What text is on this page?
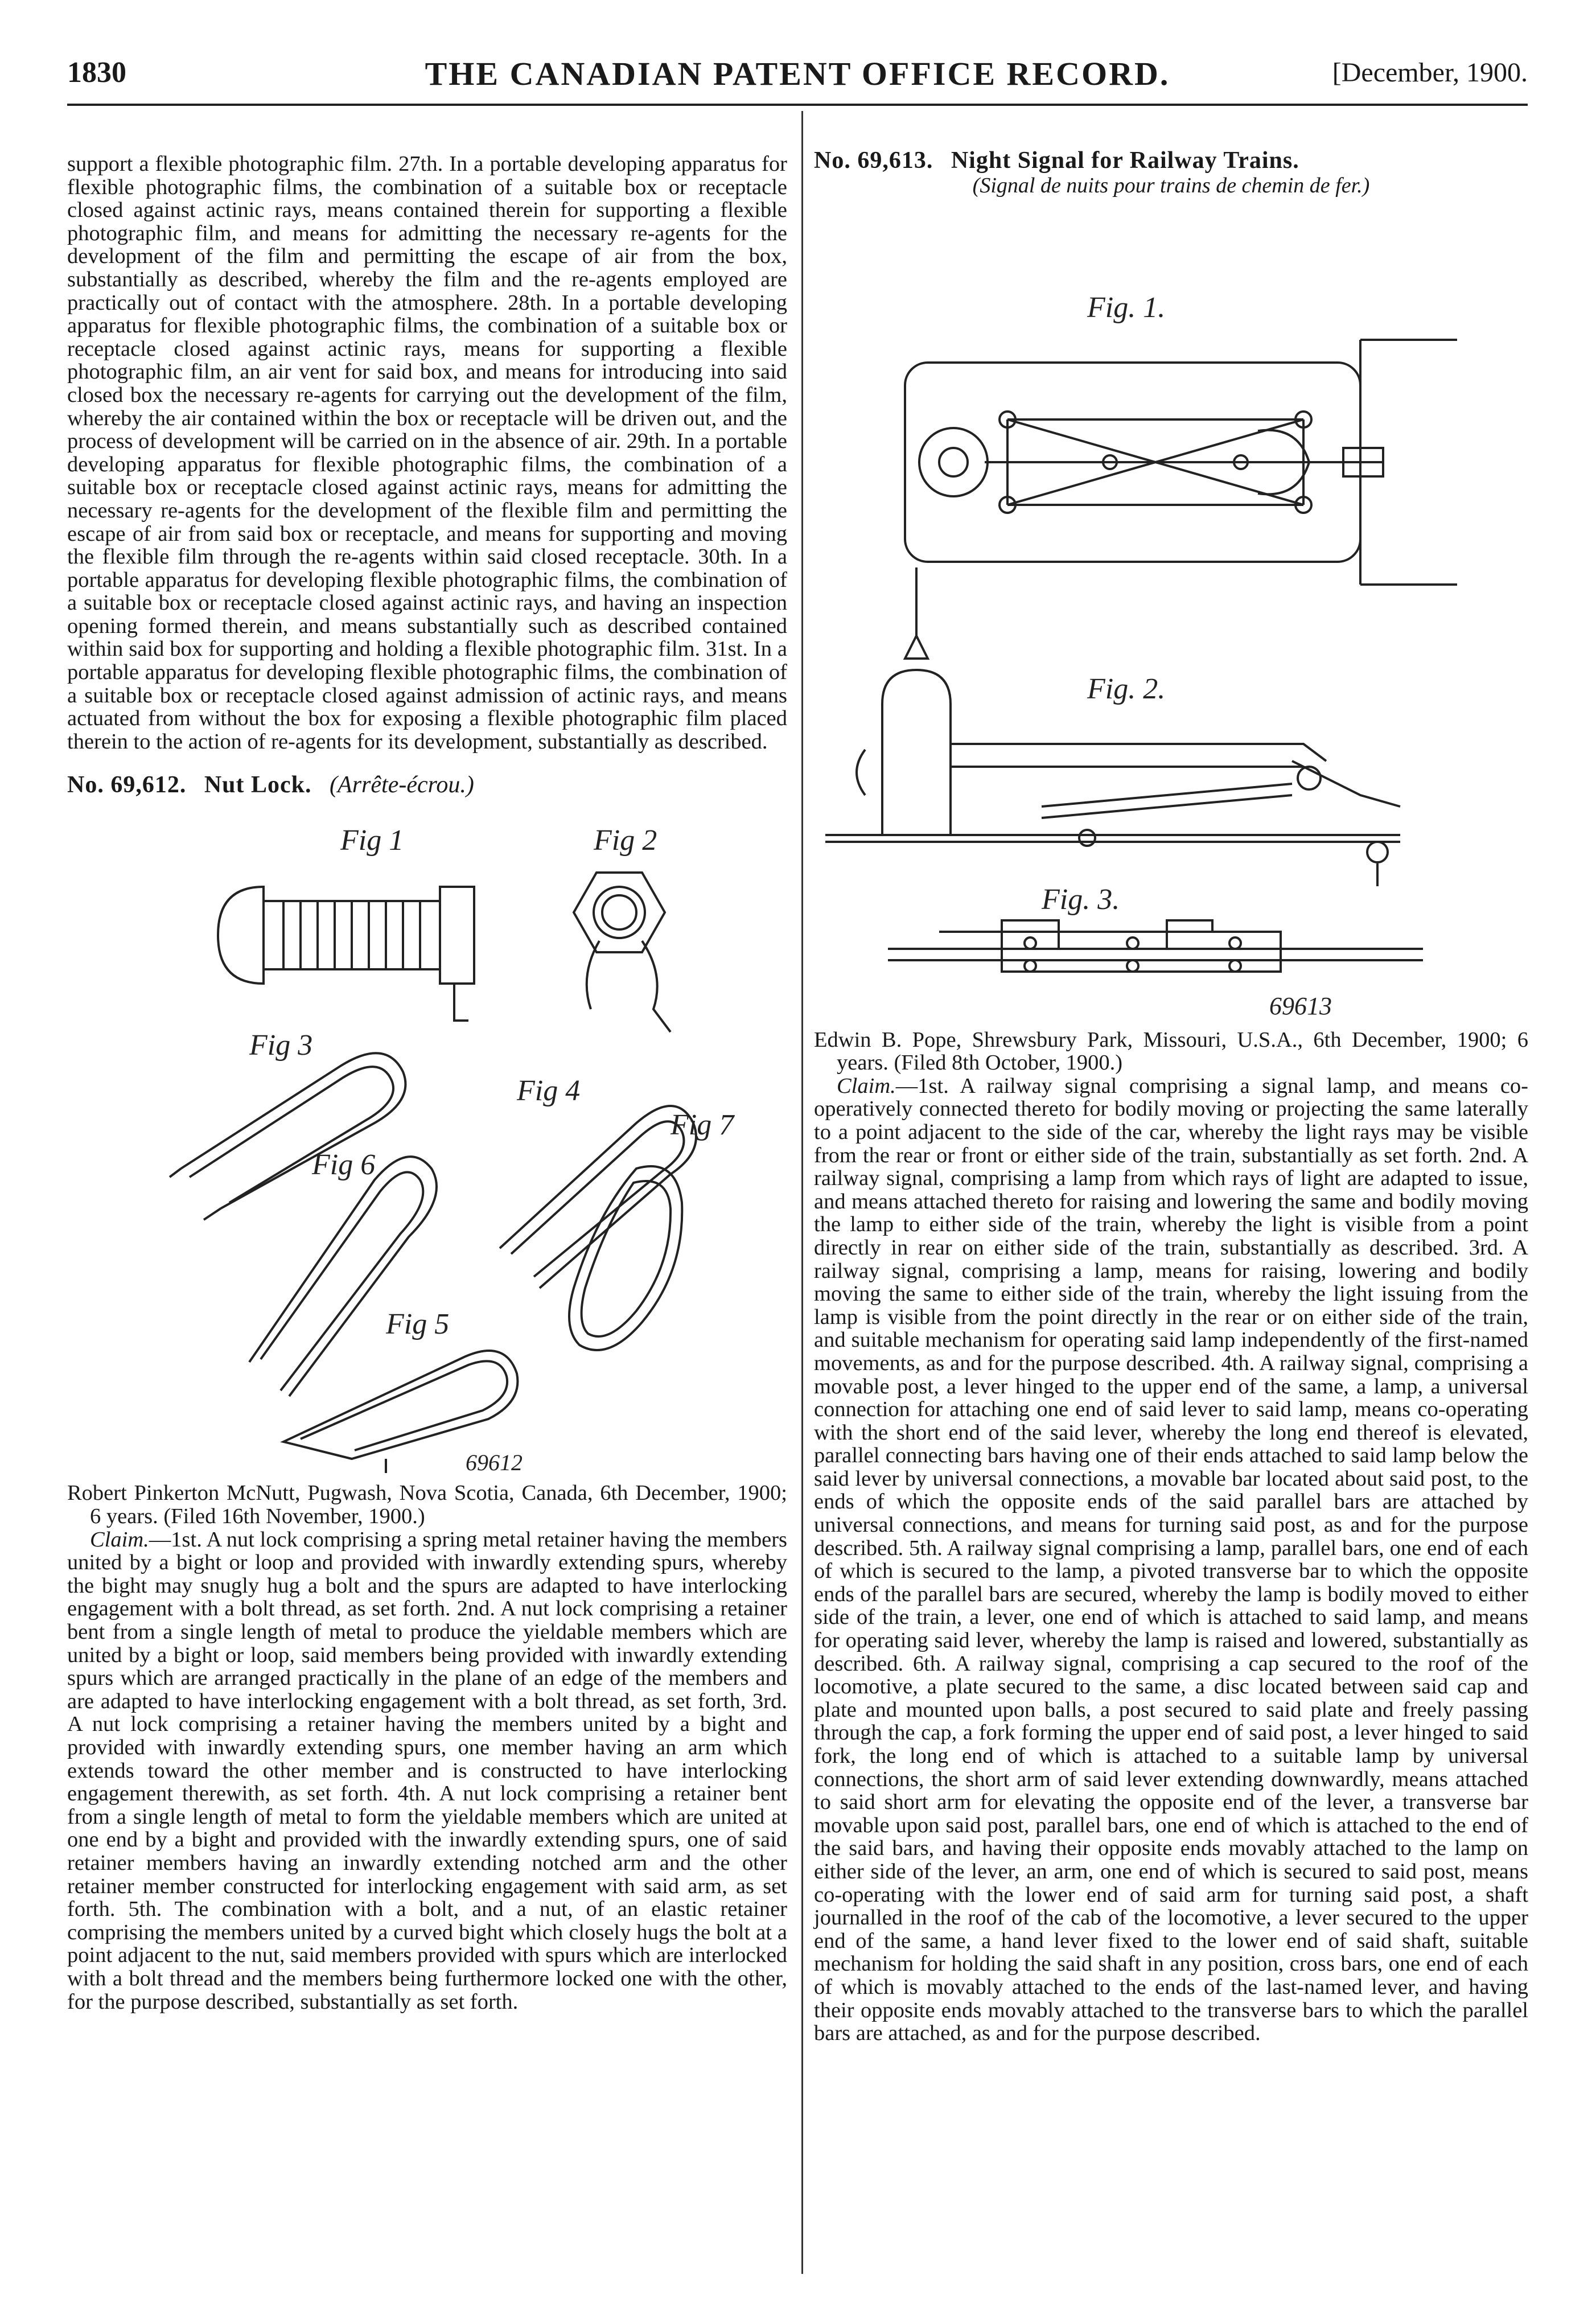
1830	THE CANADIAN PATENT OFFICE RECORD.	[December, 1900.

support a flexible photographic film. 27th. In a portable developing apparatus for flexible photographic films, the combination of a suitable box or receptacle closed against actinic rays, means contained therein for supporting a flexible photographic film, and means for admitting the necessary re-agents for the development of the film and permitting the escape of air from the box, substantially as described, whereby the film and the re-agents employed are practically out of contact with the atmosphere. 28th. In a portable developing apparatus for flexible photographic films, the combination of a suitable box or receptacle closed against actinic rays, means for supporting a flexible photographic film, an air vent for said box, and means for introducing into said closed box the necessary re-agents for carrying out the development of the film, whereby the air contained within the box or receptacle will be driven out, and the process of development will be carried on in the absence of air. 29th. In a portable developing apparatus for flexible photographic films, the combination of a suitable box or receptacle closed against actinic rays, means for admitting the necessary re-agents for the development of the flexible film and permitting the escape of air from said box or receptacle, and means for supporting and moving the flexible film through the re-agents within said closed receptacle. 30th. In a portable apparatus for developing flexible photographic films, the combination of a suitable box or receptacle closed against actinic rays, and having an inspection opening formed therein, and means substantially such as described contained within said box for supporting and holding a flexible photographic film. 31st. In a portable apparatus for developing flexible photographic films, the combination of a suitable box or receptacle closed against admission of actinic rays, and means actuated from without the box for exposing a flexible photographic film placed therein to the action of re-agents for its development, substantially as described.

No. 69,612. Nut Lock. (Arrête-écrou.)

Fig 1	Fig 2
Fig 3
Fig 4
Fig 6
Fig 7
Fig 5
69612

Robert Pinkerton McNutt, Pugwash, Nova Scotia, Canada, 6th December, 1900; 6 years. (Filed 16th November, 1900.)

Claim.—1st. A nut lock comprising a spring metal retainer having the members united by a bight or loop and provided with inwardly extending spurs, whereby the bight may snugly hug a bolt and the spurs are adapted to have interlocking engagement with a bolt thread, as set forth. 2nd. A nut lock comprising a retainer bent from a single length of metal to produce the yieldable members which are united by a bight or loop, said members being provided with inwardly extending spurs which are arranged practically in the plane of an edge of the members and are adapted to have interlocking engagement with a bolt thread, as set forth, 3rd. A nut lock comprising a retainer having the members united by a bight and provided with inwardly extending spurs, one member having an arm which extends toward the other member and is constructed to have interlocking engagement therewith, as set forth. 4th. A nut lock comprising a retainer bent from a single length of metal to form the yieldable members which are united at one end by a bight and provided with the inwardly extending spurs, one of said retainer members having an inwardly extending notched arm and the other retainer member constructed for interlocking engagement with said arm, as set forth. 5th. The combination with a bolt, and a nut, of an elastic retainer comprising the members united by a curved bight which closely hugs the bolt at a point adjacent to the nut, said members provided with spurs which are interlocked with a bolt thread and the members being furthermore locked one with the other, for the purpose described, substantially as set forth.

No. 69,613. Night Signal for Railway Trains.

(Signal de nuits pour trains de chemin de fer.)

Fig. 1.
Fig. 2.
Fig. 3.
69613

Edwin B. Pope, Shrewsbury Park, Missouri, U.S.A., 6th December, 1900; 6 years. (Filed 8th October, 1900.)

Claim.—1st. A railway signal comprising a signal lamp, and means co-operatively connected thereto for bodily moving or projecting the same laterally to a point adjacent to the side of the car, whereby the light rays may be visible from the rear or front or either side of the train, substantially as set forth. 2nd. A railway signal, comprising a lamp from which rays of light are adapted to issue, and means attached thereto for raising and lowering the same and bodily moving the lamp to either side of the train, whereby the light is visible from a point directly in rear on either side of the train, substantially as described. 3rd. A railway signal, comprising a lamp, means for raising, lowering and bodily moving the same to either side of the train, whereby the light issuing from the lamp is visible from the point directly in the rear or on either side of the train, and suitable mechanism for operating said lamp independently of the first-named movements, as and for the purpose described. 4th. A railway signal, comprising a movable post, a lever hinged to the upper end of the same, a lamp, a universal connection for attaching one end of said lever to said lamp, means co-operating with the short end of the said lever, whereby the long end thereof is elevated, parallel connecting bars having one of their ends attached to said lamp below the said lever by universal connections, a movable bar located about said post, to the ends of which the opposite ends of the said parallel bars are attached by universal connections, and means for turning said post, as and for the purpose described. 5th. A railway signal comprising a lamp, parallel bars, one end of each of which is secured to the lamp, a pivoted transverse bar to which the opposite ends of the parallel bars are secured, whereby the lamp is bodily moved to either side of the train, a lever, one end of which is attached to said lamp, and means for operating said lever, whereby the lamp is raised and lowered, substantially as described. 6th. A railway signal, comprising a cap secured to the roof of the locomotive, a plate secured to the same, a disc located between said cap and plate and mounted upon balls, a post secured to said plate and freely passing through the cap, a fork forming the upper end of said post, a lever hinged to said fork, the long end of which is attached to a suitable lamp by universal connections, the short arm of said lever extending downwardly, means attached to said short arm for elevating the opposite end of the lever, a transverse bar movable upon said post, parallel bars, one end of which is attached to the end of the said bars, and having their opposite ends movably attached to the lamp on either side of the lever, an arm, one end of which is secured to said post, means co-operating with the lower end of said arm for turning said post, a shaft journalled in the roof of the cab of the locomotive, a lever secured to the upper end of the same, a hand lever fixed to the lower end of said shaft, suitable mechanism for holding the said shaft in any position, cross bars, one end of each of which is movably attached to the ends of the last-named lever, and having their opposite ends movably attached to the transverse bars to which the parallel bars are attached, as and for the purpose described.
